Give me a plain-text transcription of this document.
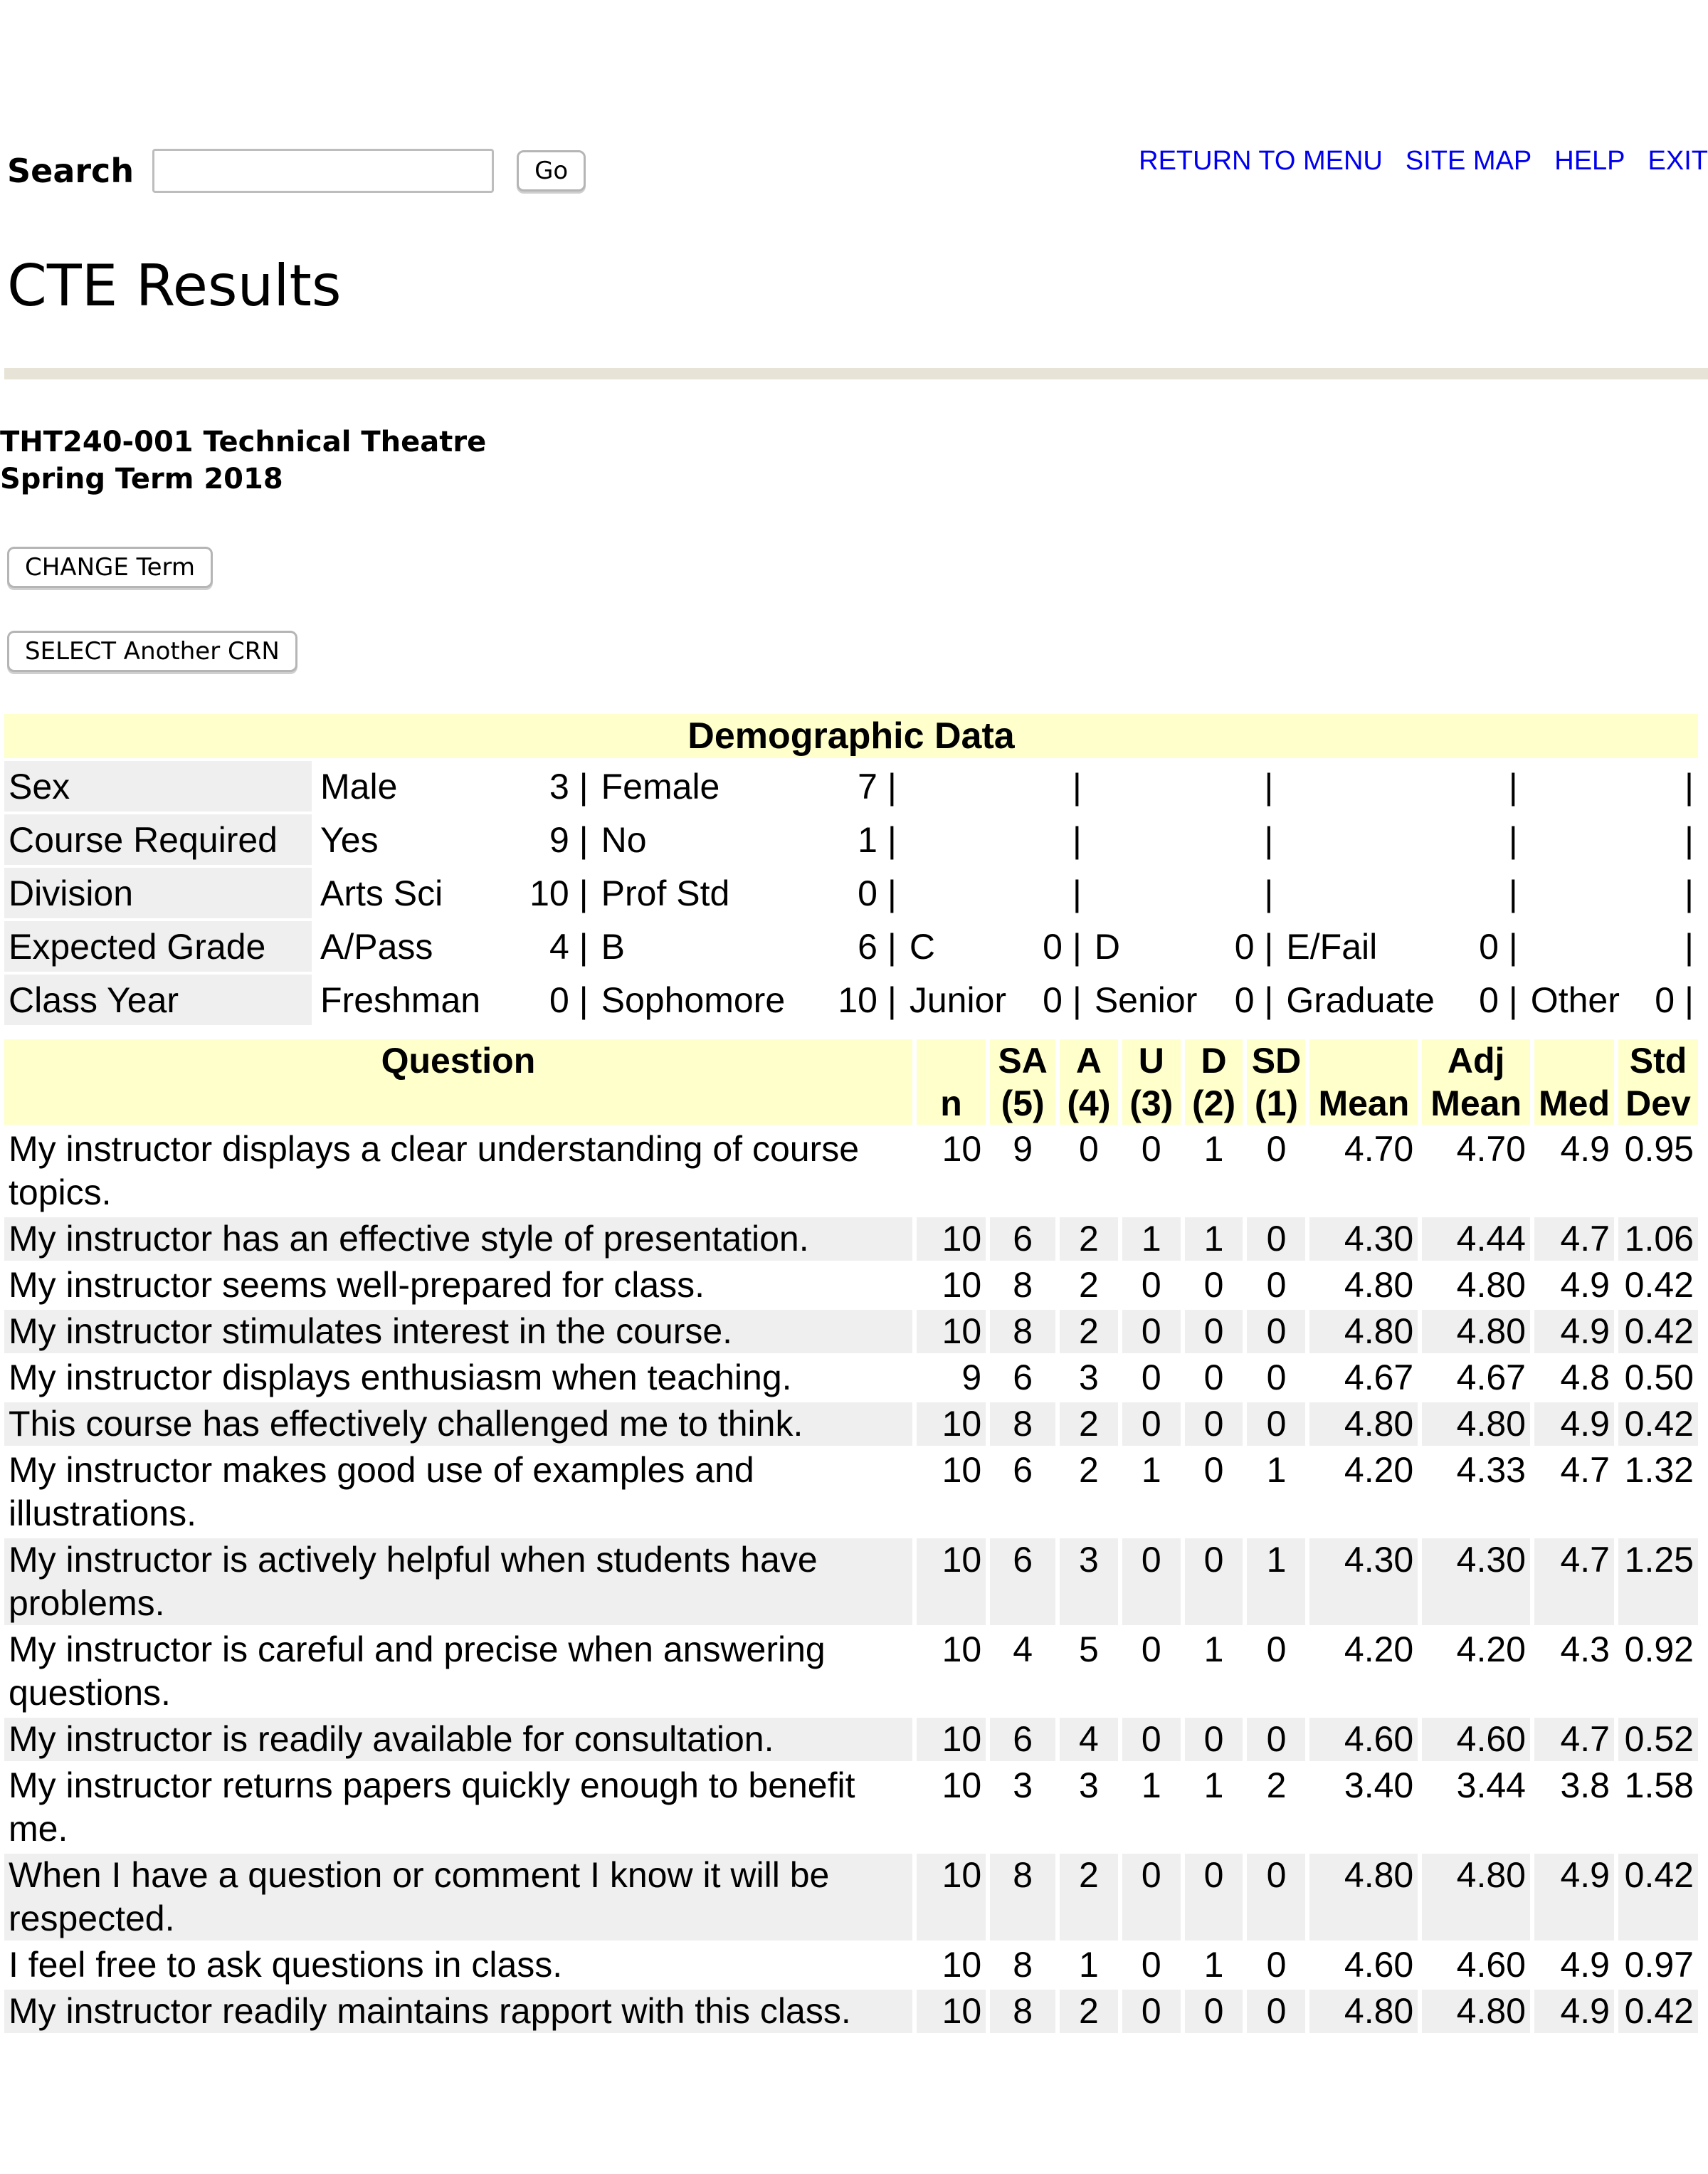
Search	Go	RETURN TO MENU SITE MAP HELP EXIT
CTE Results
THT240-001 Technical Theatre
Spring Term 2018
CHANGE Term
SELECT Another CRN
Demographic Data												
Sex	Male	3 |	Female	7 |		|		|		|		|
Course Required	Yes	9 |	No	1 |		|		|		|		|
Division	Arts Sci	10 |	Prof Std	0 |		|		|		|		|
Expected Grade	A/Pass	4 |	B	6 |	C	0 |	D	0 |	E/Fail	0 |		|
Class Year	Freshman	0 |	Sophomore	10 |	Junior	0 |	Senior	0 |	Graduate	0 |	Other	0 |
Question	n	SA (5)	A (4)	U (3)	D (2)	SD (1)	Mean	Adj Mean	Med	Std Dev
My instructor displays a clear understanding of course topics.	10	9	0	0	1	0	4.70	4.70	4.9	0.95
My instructor has an effective style of presentation.	10	6	2	1	1	0	4.30	4.44	4.7	1.06
My instructor seems well-prepared for class.	10	8	2	0	0	0	4.80	4.80	4.9	0.42
My instructor stimulates interest in the course.	10	8	2	0	0	0	4.80	4.80	4.9	0.42
My instructor displays enthusiasm when teaching.	9	6	3	0	0	0	4.67	4.67	4.8	0.50
This course has effectively challenged me to think.	10	8	2	0	0	0	4.80	4.80	4.9	0.42
My instructor makes good use of examples and illustrations.	10	6	2	1	0	1	4.20	4.33	4.7	1.32
My instructor is actively helpful when students have problems.	10	6	3	0	0	1	4.30	4.30	4.7	1.25
My instructor is careful and precise when answering questions.	10	4	5	0	1	0	4.20	4.20	4.3	0.92
My instructor is readily available for consultation.	10	6	4	0	0	0	4.60	4.60	4.7	0.52
My instructor returns papers quickly enough to benefit me.	10	3	3	1	1	2	3.40	3.44	3.8	1.58
When I have a question or comment I know it will be respected.	10	8	2	0	0	0	4.80	4.80	4.9	0.42
I feel free to ask questions in class.	10	8	1	0	1	0	4.60	4.60	4.9	0.97
My instructor readily maintains rapport with this class.	10	8	2	0	0	0	4.80	4.80	4.9	0.42
